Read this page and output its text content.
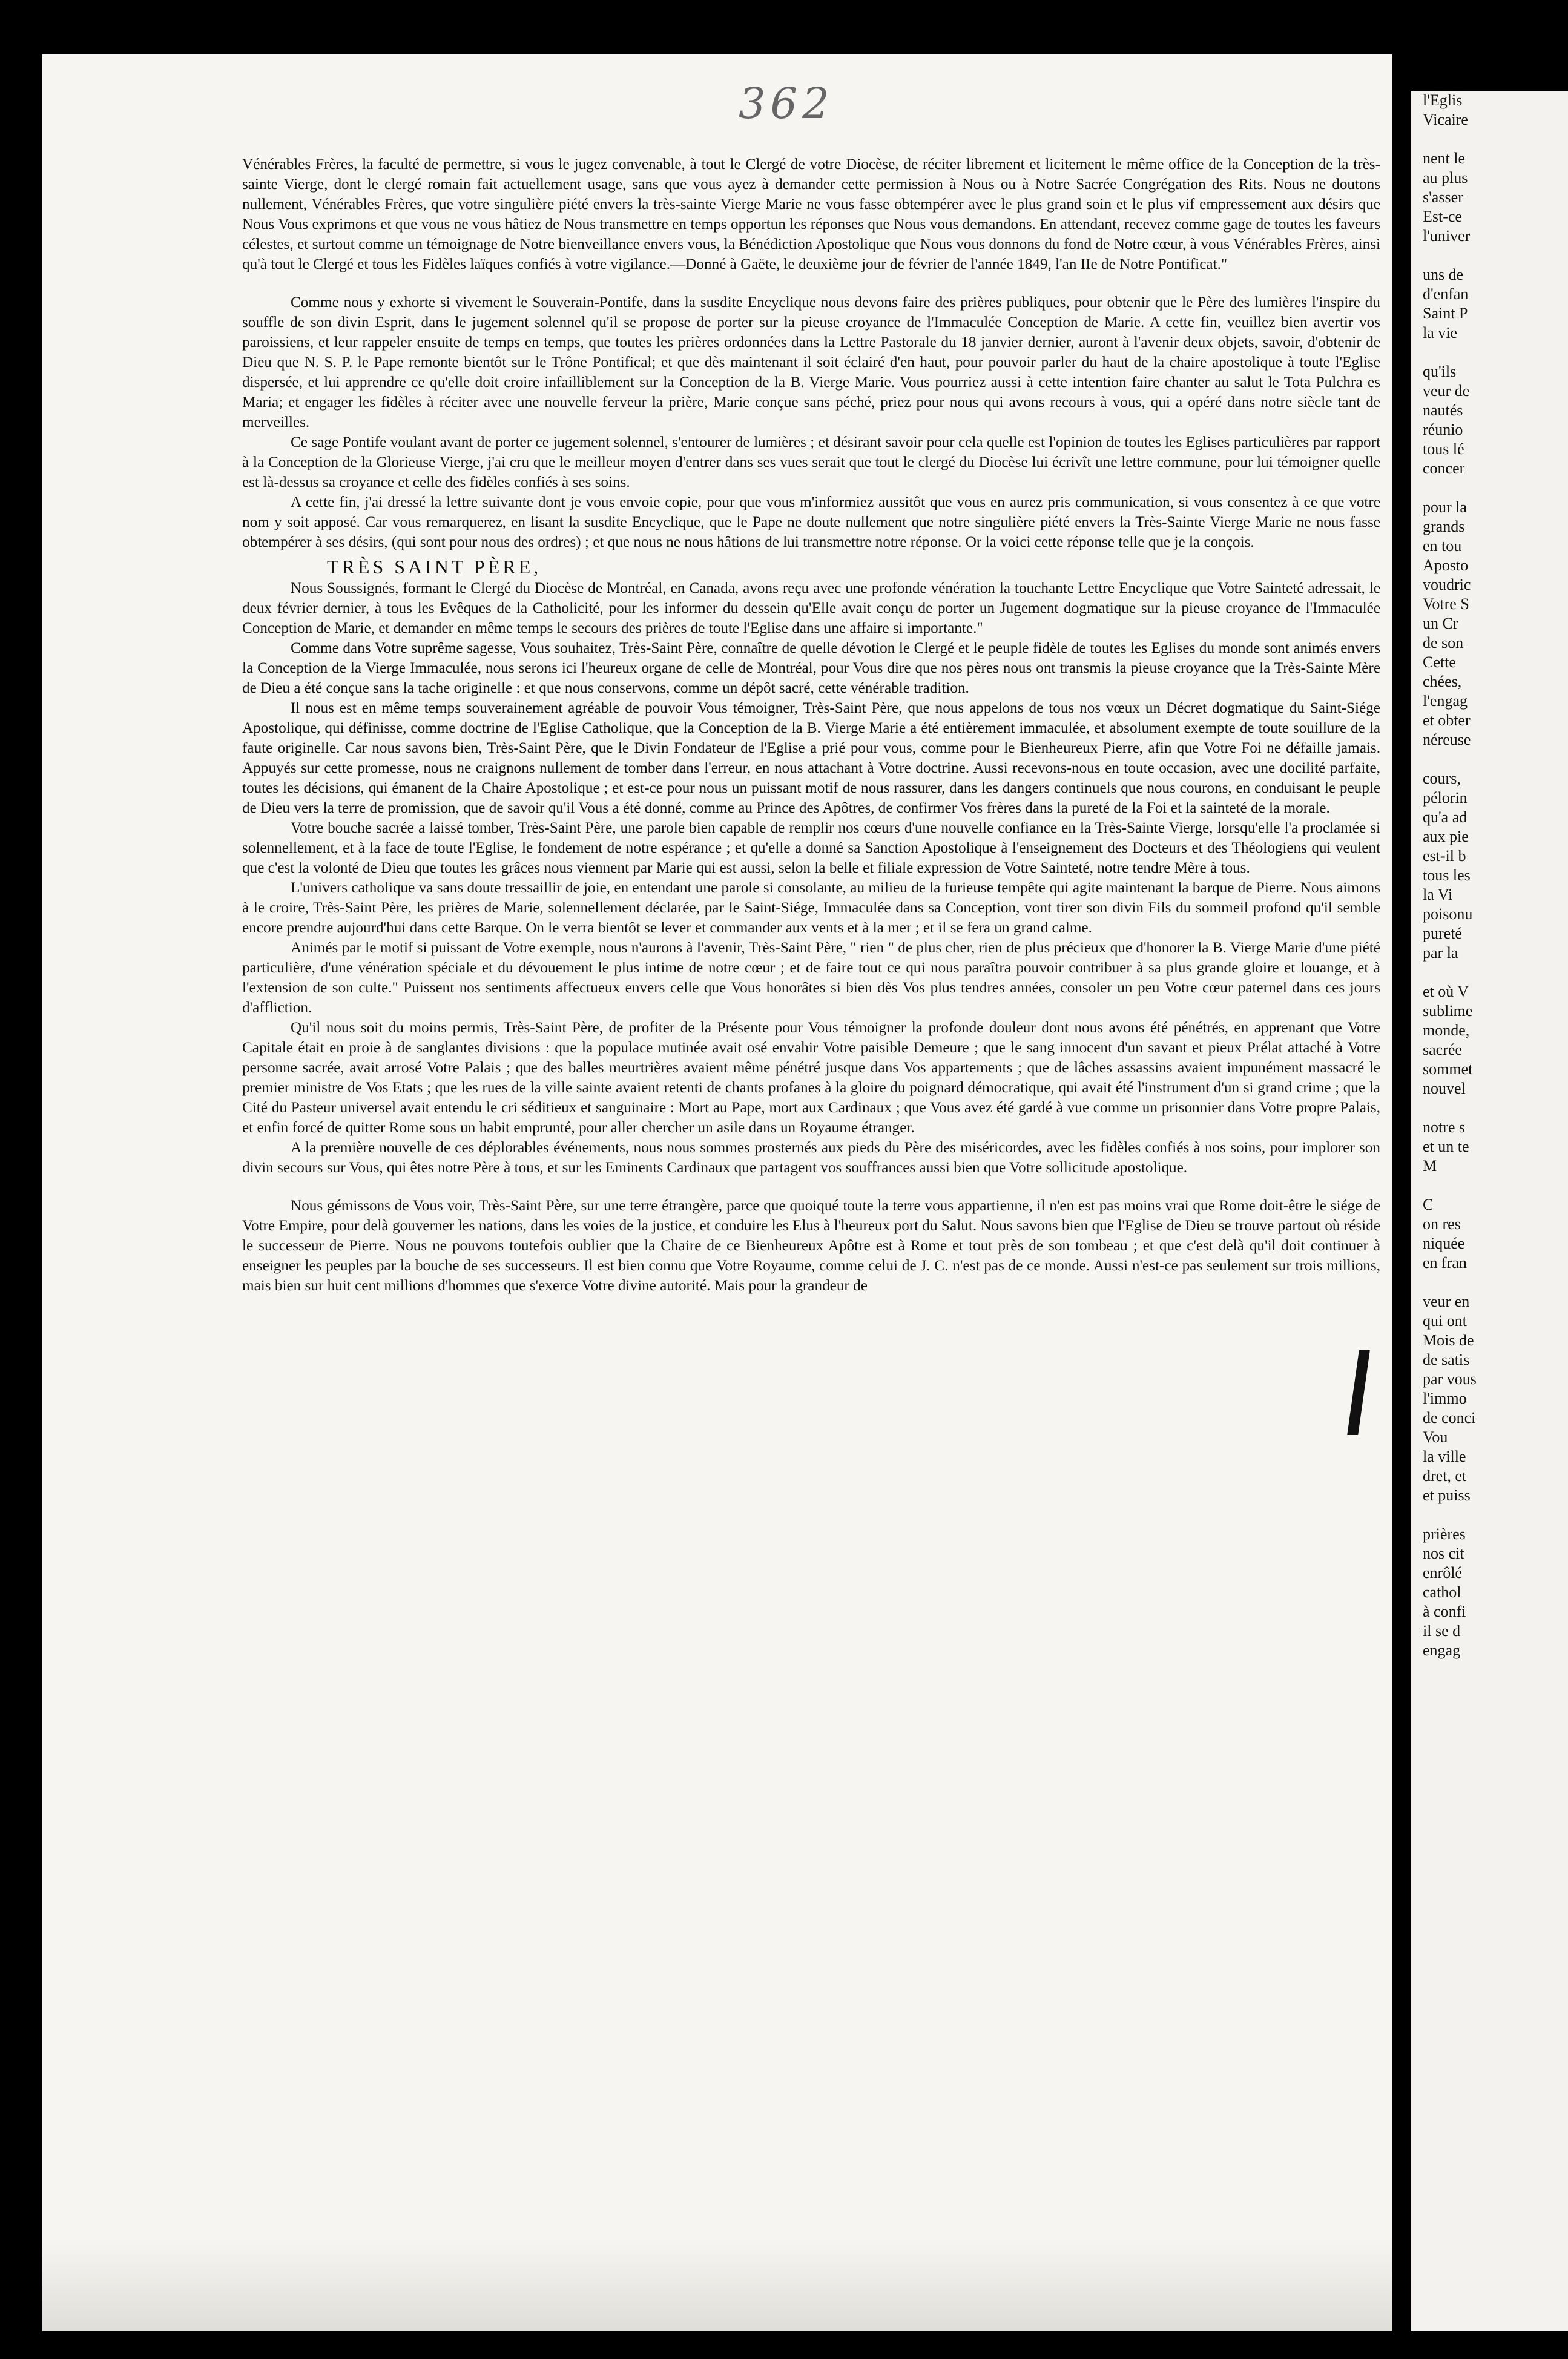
362

Vénérables Frères, la faculté de permettre, si vous le jugez convenable, à tout le Clergé de votre Diocèse, de réciter librement et licitement le même office de la Conception de la très-sainte Vierge, dont le clergé romain fait actuellement usage, sans que vous ayez à demander cette permission à Nous ou à Notre Sacrée Congrégation des Rits. Nous ne doutons nullement, Vénérables Frères, que votre singulière piété envers la très-sainte Vierge Marie ne vous fasse obtempérer avec le plus grand soin et le plus vif empressement aux désirs que Nous Vous exprimons et que vous ne vous hâtiez de Nous transmettre en temps opportun les réponses que Nous vous demandons. En attendant, recevez comme gage de toutes les faveurs célestes, et surtout comme un témoignage de Notre bienveillance envers vous, la Bénédiction Apostolique que Nous vous donnons du fond de Notre cœur, à vous Vénérables Frères, ainsi qu'à tout le Clergé et tous les Fidèles laïques confiés à votre vigilance.—Donné à Gaëte, le deuxième jour de février de l'année 1849, l'an IIe de Notre Pontificat."

Comme nous y exhorte si vivement le Souverain-Pontife, dans la susdite Encyclique nous devons faire des prières publiques, pour obtenir que le Père des lumières l'inspire du souffle de son divin Esprit, dans le jugement solennel qu'il se propose de porter sur la pieuse croyance de l'Immaculée Conception de Marie. A cette fin, veuillez bien avertir vos paroissiens, et leur rappeler ensuite de temps en temps, que toutes les prières ordonnées dans la Lettre Pastorale du 18 janvier dernier, auront à l'avenir deux objets, savoir, d'obtenir de Dieu que N. S. P. le Pape remonte bientôt sur le Trône Pontifical; et que dès maintenant il soit éclairé d'en haut, pour pouvoir parler du haut de la chaire apostolique à toute l'Eglise dispersée, et lui apprendre ce qu'elle doit croire infailliblement sur la Conception de la B. Vierge Marie. Vous pourriez aussi à cette intention faire chanter au salut le Tota Pulchra es Maria; et engager les fidèles à réciter avec une nouvelle ferveur la prière, Marie conçue sans péché, priez pour nous qui avons recours à vous, qui a opéré dans notre siècle tant de merveilles.

Ce sage Pontife voulant avant de porter ce jugement solennel, s'entourer de lumières ; et désirant savoir pour cela quelle est l'opinion de toutes les Eglises particulières par rapport à la Conception de la Glorieuse Vierge, j'ai cru que le meilleur moyen d'entrer dans ses vues serait que tout le clergé du Diocèse lui écrivît une lettre commune, pour lui témoigner quelle est là-dessus sa croyance et celle des fidèles confiés à ses soins.

A cette fin, j'ai dressé la lettre suivante dont je vous envoie copie, pour que vous m'informiez aussitôt que vous en aurez pris communication, si vous consentez à ce que votre nom y soit apposé. Car vous remarquerez, en lisant la susdite Encyclique, que le Pape ne doute nullement que notre singulière piété envers la Très-Sainte Vierge Marie ne nous fasse obtempérer à ses désirs, (qui sont pour nous des ordres) ; et que nous ne nous hâtions de lui transmettre notre réponse. Or la voici cette réponse telle que je la conçois.

TRÈS SAINT PÈRE,

Nous Soussignés, formant le Clergé du Diocèse de Montréal, en Canada, avons reçu avec une profonde vénération la touchante Lettre Encyclique que Votre Sainteté adressait, le deux février dernier, à tous les Evêques de la Catholicité, pour les informer du dessein qu'Elle avait conçu de porter un Jugement dogmatique sur la pieuse croyance de l'Immaculée Conception de Marie, et demander en même temps le secours des prières de toute l'Eglise dans une affaire si importante."

Comme dans Votre suprême sagesse, Vous souhaitez, Très-Saint Père, connaître de quelle dévotion le Clergé et le peuple fidèle de toutes les Eglises du monde sont animés envers la Conception de la Vierge Immaculée, nous serons ici l'heureux organe de celle de Montréal, pour Vous dire que nos pères nous ont transmis la pieuse croyance que la Très-Sainte Mère de Dieu a été conçue sans la tache originelle : et que nous conservons, comme un dépôt sacré, cette vénérable tradition.

Il nous est en même temps souverainement agréable de pouvoir Vous témoigner, Très-Saint Père, que nous appelons de tous nos vœux un Décret dogmatique du Saint-Siége Apostolique, qui définisse, comme doctrine de l'Eglise Catholique, que la Conception de la B. Vierge Marie a été entièrement immaculée, et absolument exempte de toute souillure de la faute originelle. Car nous savons bien, Très-Saint Père, que le Divin Fondateur de l'Eglise a prié pour vous, comme pour le Bienheureux Pierre, afin que Votre Foi ne défaille jamais. Appuyés sur cette promesse, nous ne craignons nullement de tomber dans l'erreur, en nous attachant à Votre doctrine. Aussi recevons-nous en toute occasion, avec une docilité parfaite, toutes les décisions, qui émanent de la Chaire Apostolique ; et est-ce pour nous un puissant motif de nous rassurer, dans les dangers continuels que nous courons, en conduisant le peuple de Dieu vers la terre de promission, que de savoir qu'il Vous a été donné, comme au Prince des Apôtres, de confirmer Vos frères dans la pureté de la Foi et la sainteté de la morale.

Votre bouche sacrée a laissé tomber, Très-Saint Père, une parole bien capable de remplir nos cœurs d'une nouvelle confiance en la Très-Sainte Vierge, lorsqu'elle l'a proclamée si solennellement, et à la face de toute l'Eglise, le fondement de notre espérance ; et qu'elle a donné sa Sanction Apostolique à l'enseignement des Docteurs et des Théologiens qui veulent que c'est la volonté de Dieu que toutes les grâces nous viennent par Marie qui est aussi, selon la belle et filiale expression de Votre Sainteté, notre tendre Mère à tous.

L'univers catholique va sans doute tressaillir de joie, en entendant une parole si consolante, au milieu de la furieuse tempête qui agite maintenant la barque de Pierre. Nous aimons à le croire, Très-Saint Père, les prières de Marie, solennellement déclarée, par le Saint-Siége, Immaculée dans sa Conception, vont tirer son divin Fils du sommeil profond qu'il semble encore prendre aujourd'hui dans cette Barque. On le verra bientôt se lever et commander aux vents et à la mer ; et il se fera un grand calme.

Animés par le motif si puissant de Votre exemple, nous n'aurons à l'avenir, Très-Saint Père, " rien " de plus cher, rien de plus précieux que d'honorer la B. Vierge Marie d'une piété particulière, d'une vénération spéciale et du dévouement le plus intime de notre cœur ; et de faire tout ce qui nous paraîtra pouvoir contribuer à sa plus grande gloire et louange, et à l'extension de son culte." Puissent nos sentiments affectueux envers celle que Vous honorâtes si bien dès Vos plus tendres années, consoler un peu Votre cœur paternel dans ces jours d'affliction.

Qu'il nous soit du moins permis, Très-Saint Père, de profiter de la Présente pour Vous témoigner la profonde douleur dont nous avons été pénétrés, en apprenant que Votre Capitale était en proie à de sanglantes divisions : que la populace mutinée avait osé envahir Votre paisible Demeure ; que le sang innocent d'un savant et pieux Prélat attaché à Votre personne sacrée, avait arrosé Votre Palais ; que des balles meurtrières avaient même pénétré jusque dans Vos appartements ; que de lâches assassins avaient impunément massacré le premier ministre de Vos Etats ; que les rues de la ville sainte avaient retenti de chants profanes à la gloire du poignard démocratique, qui avait été l'instrument d'un si grand crime ; que la Cité du Pasteur universel avait entendu le cri séditieux et sanguinaire : Mort au Pape, mort aux Cardinaux ; que Vous avez été gardé à vue comme un prisonnier dans Votre propre Palais, et enfin forcé de quitter Rome sous un habit emprunté, pour aller chercher un asile dans un Royaume étranger.

A la première nouvelle de ces déplorables événements, nous nous sommes prosternés aux pieds du Père des miséricordes, avec les fidèles confiés à nos soins, pour implorer son divin secours sur Vous, qui êtes notre Père à tous, et sur les Eminents Cardinaux que partagent vos souffrances aussi bien que Votre sollicitude apostolique.

Nous gémissons de Vous voir, Très-Saint Père, sur une terre étrangère, parce que quoiqué toute la terre vous appartienne, il n'en est pas moins vrai que Rome doit-être le siége de Votre Empire, pour delà gouverner les nations, dans les voies de la justice, et conduire les Elus à l'heureux port du Salut. Nous savons bien que l'Eglise de Dieu se trouve partout où réside le successeur de Pierre. Nous ne pouvons toutefois oublier que la Chaire de ce Bienheureux Apôtre est à Rome et tout près de son tombeau ; et que c'est delà qu'il doit continuer à enseigner les peuples par la bouche de ses successeurs. Il est bien connu que Votre Royaume, comme celui de J. C. n'est pas de ce monde. Aussi n'est-ce pas seulement sur trois millions, mais bien sur huit cent millions d'hommes que s'exerce Votre divine autorité. Mais pour la grandeur de

l'Eglis
Vicaire
nent le
au plus
s'asser
Est-ce
l'univer
uns de
d'enfan
Saint P
la vie
qu'ils
veur de
nautés
réunio
tous lé
concer
pour la
grands
en tou
Aposto
voudric
Votre S
un Cr
de son
Cette
chées,
l'engag
et obter
néreuse
cours,
pélorin
qu'a ad
aux pie
est-il b
tous les
la Vi
poisonu
pureté
par la
et où V
sublime
monde,
sacrée
sommet
nouvel
notre s
et un te
M
C
on res
niquée
en fran
veur en
qui ont
Mois de
de satis
par vous
l'immo
de conci
Vou
la ville
dret, et
et puiss
prières
nos cit
enrôlé
cathol
à confi
il se d
engag
